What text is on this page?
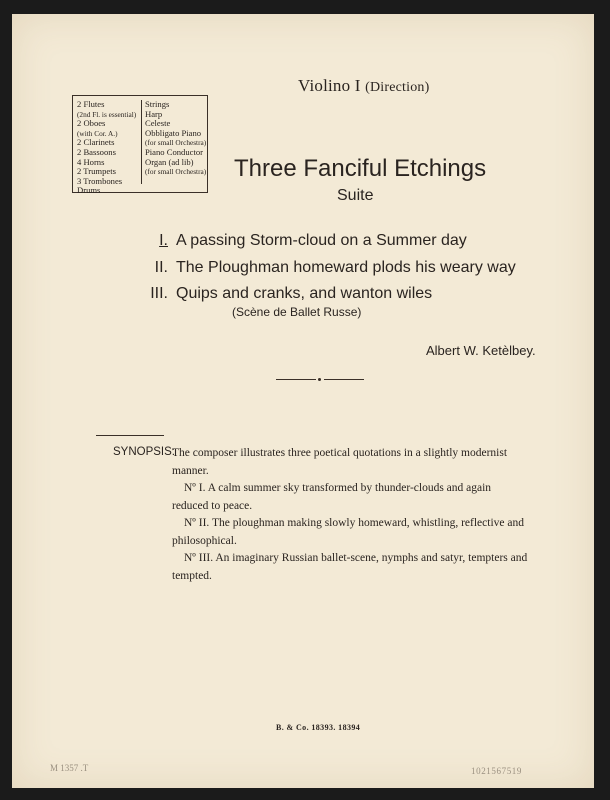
Violino I (Direction)
2 Flutes
(2nd Fl. is essential)
2 Oboes
(with Cor. A.)
2 Clarinets
2 Bassoons
4 Horns
2 Trumpets
3 Trombones
Drums
Strings
Harp
Celeste
Obbligato Piano
(for small Orchestra)
Piano Conductor
Organ (ad lib)
(for small Orchestra) Three Fanciful Etchings
Suite
I. A passing Storm-cloud on a Summer day
II. The Ploughman homeward plods his weary way
III. Quips and cranks, and wanton wiles
(Scène de Ballet Russe)
Albert W. Ketèlbey.
SYNOPSIS:

The composer illustrates three poetical quotations in a slightly modernist manner.

Nº I. A calm summer sky transformed by thunder-clouds and again reduced to peace.

Nº II. The ploughman making slowly homeward, whistling, reflective and philosophical.

Nº III. An imaginary Russian ballet-scene, nymphs and satyr, tempters and tempted.

B. & Co. 18393. 18394
M 1357 .T	1021567519
